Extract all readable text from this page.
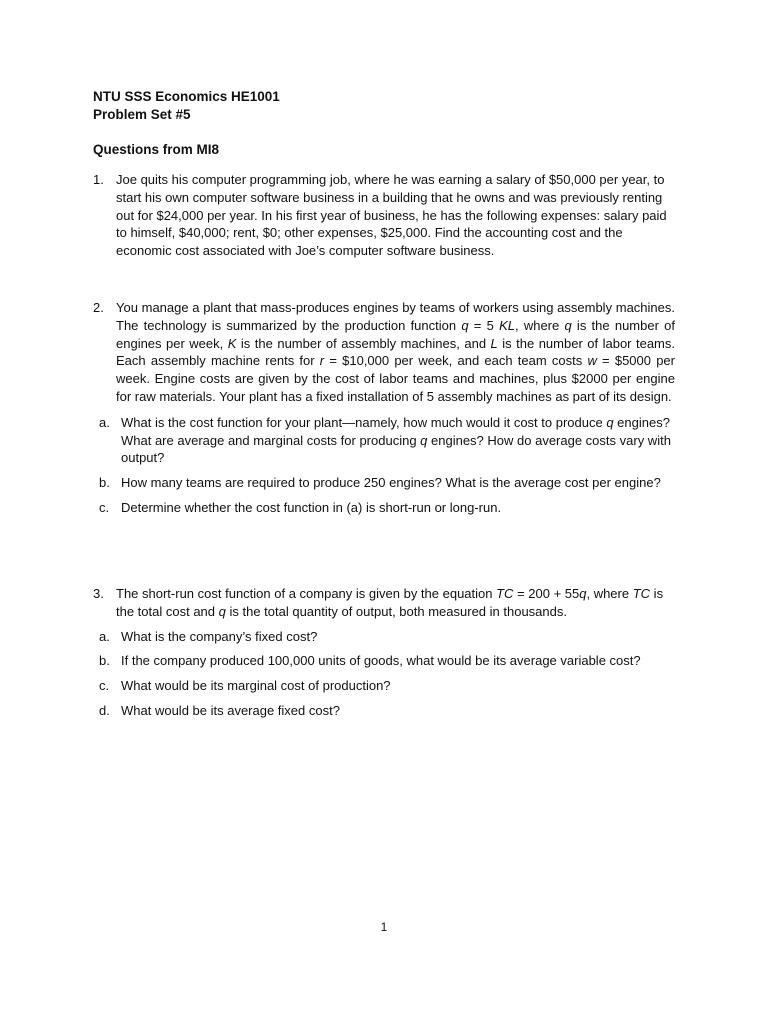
NTU SSS Economics HE1001
Problem Set #5
Questions from MI8
1. Joe quits his computer programming job, where he was earning a salary of $50,000 per year, to start his own computer software business in a building that he owns and was previously renting out for $24,000 per year. In his first year of business, he has the following expenses: salary paid to himself, $40,000; rent, $0; other expenses, $25,000. Find the accounting cost and the economic cost associated with Joe’s computer software business.
2. You manage a plant that mass-produces engines by teams of workers using assembly machines. The technology is summarized by the production function q = 5 KL, where q is the number of engines per week, K is the number of assembly machines, and L is the number of labor teams. Each assembly machine rents for r = $10,000 per week, and each team costs w = $5000 per week. Engine costs are given by the cost of labor teams and machines, plus $2000 per engine for raw materials. Your plant has a fixed installation of 5 assembly machines as part of its design.
a. What is the cost function for your plant—namely, how much would it cost to produce q engines? What are average and marginal costs for producing q engines? How do average costs vary with output?
b. How many teams are required to produce 250 engines? What is the average cost per engine?
c. Determine whether the cost function in (a) is short-run or long-run.
3. The short-run cost function of a company is given by the equation TC = 200 + 55q, where TC is the total cost and q is the total quantity of output, both measured in thousands.
a. What is the company’s fixed cost?
b. If the company produced 100,000 units of goods, what would be its average variable cost?
c. What would be its marginal cost of production?
d. What would be its average fixed cost?
1
